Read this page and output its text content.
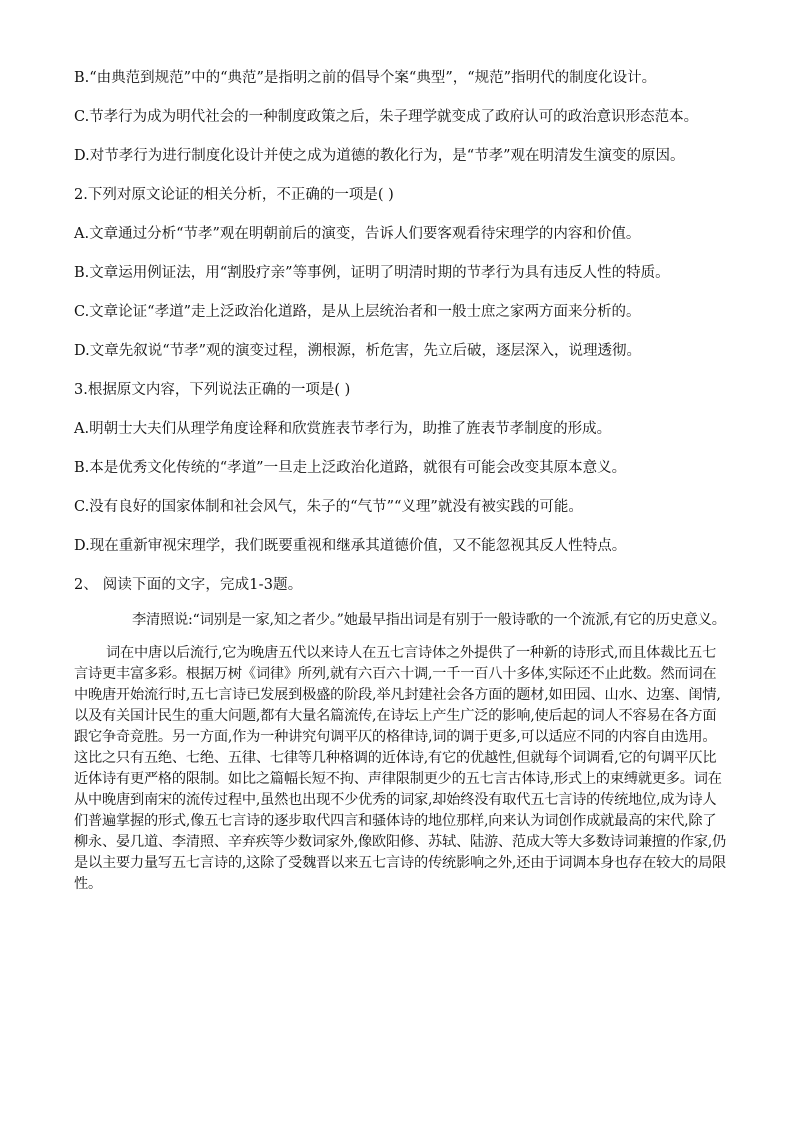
B.“由典范到规范”中的“典范”是指明之前的倡导个案“典型”，“规范”指明代的制度化设计。

C.节孝行为成为明代社会的一种制度政策之后，朱子理学就变成了政府认可的政治意识形态范本。

D.对节孝行为进行制度化设计并使之成为道德的教化行为，是“节孝”观在明清发生演变的原因。

2.下列对原文论证的相关分析，不正确的一项是( )

A.文章通过分析“节孝”观在明朝前后的演变，告诉人们要客观看待宋理学的内容和价值。

B.文章运用例证法，用“割股疗亲”等事例，证明了明清时期的节孝行为具有违反人性的特质。

C.文章论证“孝道”走上泛政治化道路，是从上层统治者和一般士庶之家两方面来分析的。

D.文章先叙说“节孝”观的演变过程，溯根源，析危害，先立后破，逐层深入，说理透彻。

3.根据原文内容，下列说法正确的一项是( )

A.明朝士大夫们从理学角度诠释和欣赏旌表节孝行为，助推了旌表节孝制度的形成。

B.本是优秀文化传统的“孝道”一旦走上泛政治化道路，就很有可能会改变其原本意义。

C.没有良好的国家体制和社会风气，朱子的“气节”“义理”就没有被实践的可能。

D.现在重新审视宋理学，我们既要重视和继承其道德价值，又不能忽视其反人性特点。

2、 阅读下面的文字，完成1-3题。

李清照说:“词别是一家,知之者少。”她最早指出词是有别于一般诗歌的一个流派,有它的历史意义。

词在中唐以后流行,它为晚唐五代以来诗人在五七言诗体之外提供了一种新的诗形式,而且体裁比五七言诗更丰富多彩。根据万树《词律》所列,就有六百六十调,一千一百八十多体,实际还不止此数。然而词在中晚唐开始流行时,五七言诗已发展到极盛的阶段,举凡封建社会各方面的题材,如田园、山水、边塞、闺情,以及有关国计民生的重大问题,都有大量名篇流传,在诗坛上产生广泛的影响,使后起的词人不容易在各方面跟它争奇竞胜。另一方面,作为一种讲究句调平仄的格律诗,词的调于更多,可以适应不同的内容自由选用。这比之只有五绝、七绝、五律、七律等几种格调的近体诗,有它的优越性,但就每个词调看,它的句调平仄比近体诗有更严格的限制。如比之篇幅长短不拘、声律限制更少的五七言古体诗,形式上的束缚就更多。词在从中晚唐到南宋的流传过程中,虽然也出现不少优秀的词家,却始终没有取代五七言诗的传统地位,成为诗人们普遍掌握的形式,像五七言诗的逐步取代四言和骚体诗的地位那样,向来认为词创作成就最高的宋代,除了柳永、晏几道、李清照、辛弃疾等少数词家外,像欧阳修、苏轼、陆游、范成大等大多数诗词兼擅的作家,仍是以主要力量写五七言诗的,这除了受魏晋以来五七言诗的传统影响之外,还由于词调本身也存在较大的局限性。
